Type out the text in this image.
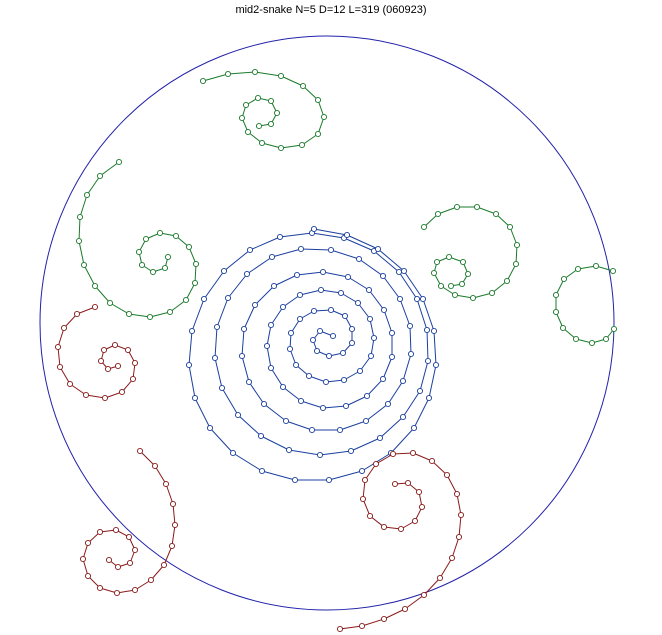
mid2-snake N=5 D=12 L=319 (060923)
